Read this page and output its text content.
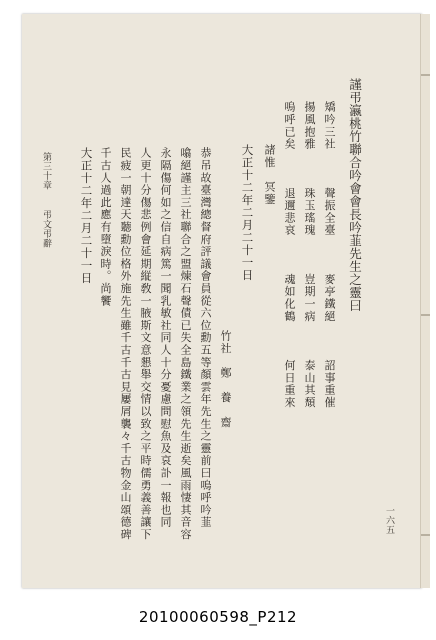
謹弔瀛桃竹聯合吟會會長吟韮先生之靈曰
矯吟三社　　　聲振全臺　　　麥亭鐵絕　　　詔事重催
揚風抱雅　　　珠玉瑤瑰　　　豈期一病　　　泰山其頹
嗚呼已矣　　　退邇悲哀　　　魂如化鶴　　　何日重來
諸惟　冥鑒
大正十二年二月二十一日
竹社　鄭　養　齋
恭吊故臺灣總督府評議會員從六位勳五等顏雲年先生之靈前曰嗚呼吟韮
噏絕謹主三社聯合之盟煉石聲債已失全島鐵業之領先生逝矣風雨悽其音容
永隔傷何如之信自病篤一聞乳敏社同人十分憂慮問慰魚及哀訃一報也同
人更十分傷悲例會延期縦敎一腋斯文意懇舉交情以致之平時儒勇義善讓下
民疲一朝達天聽勳位格外施先生雖千古千古見屢屑襲々千古物金山頌德碑
千古人過此應有墮淚時。尚饗
大正十二年二月二十一日
第三十章
弔文弔辭
一六五
20100060598_P212
